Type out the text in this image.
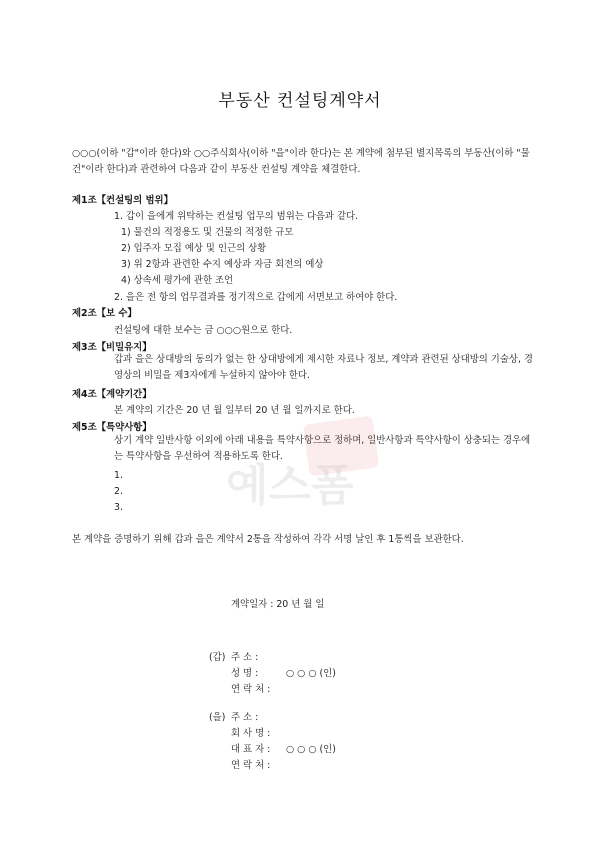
부동산 컨설팅계약서
○○○(이하 "갑"이라 한다)와 ○○주식회사(이하 "을"이라 한다)는 본 계약에 첨부된 별지목록의 부동산(이하 "물건"이라 한다)과 관련하여 다음과 같이 부동산 컨설팅 계약을 체결한다.
제1조【컨설팅의 범위】
1. 갑이 을에게 위탁하는 컨설팅 업무의 범위는 다음과 같다.
1) 물건의 적정용도 및 건물의 적정한 규모
2) 입주자 모집 예상 및 인근의 상황
3) 위 2항과 관련한 수지 예상과 자금 회전의 예상
4) 상속세 평가에 관한 조언
2. 을은 전 항의 업무결과를 정기적으로 갑에게 서면보고 하여야 한다.
제2조【보 수】
컨설팅에 대한 보수는 금 ○○○원으로 한다.
제3조【비밀유지】
갑과 을은 상대방의 동의가 없는 한 상대방에게 제시한 자료나 정보, 계약과 관련된 상대방의 기술상, 경영상의 비밀을 제3자에게 누설하지 않아야 한다.
제4조【계약기간】
본 계약의 기간은 20 년 월 일부터 20 년 월 일까지로 한다.
제5조【특약사항】
상기 계약 일반사항 이외에 아래 내용을 특약사항으로 정하며, 일반사항과 특약사항이 상충되는 경우에는 특약사항을 우선하여 적용하도록 한다.
1.
2.
3. 예스폼
본 계약을 증명하기 위해 갑과 을은 계약서 2통을 작성하여 각각 서명 날인 후 1통씩을 보관한다.
계약일자 : 20 년 월 일
(갑) 주 소 :
성 명 :	○ ○ ○ (인)
연 락 처 :
(을) 주 소 :
회 사 명 :
대 표 자 : ○ ○ ○ (인)
연 락 처 :
